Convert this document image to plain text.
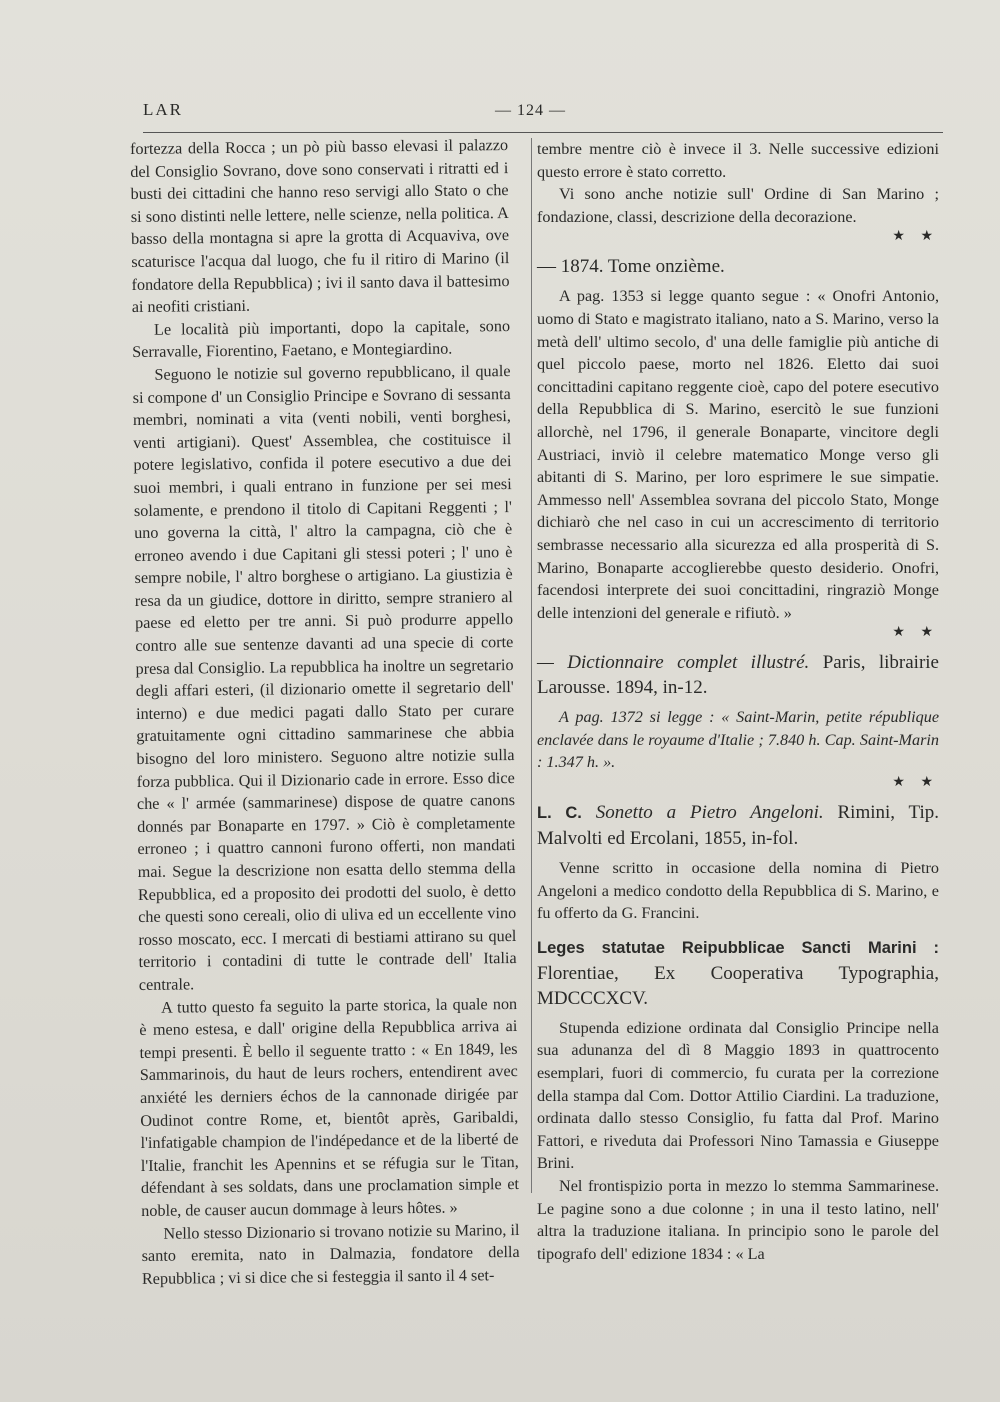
LAR	— 124 —

fortezza della Rocca ; un pò più basso elevasi il palazzo del Consiglio Sovrano, dove sono conservati i ritratti ed i busti dei cittadini che hanno reso servigi allo Stato o che si sono distinti nelle lettere, nelle scienze, nella politica. A basso della montagna si apre la grotta di Acquaviva, ove scaturisce l'acqua dal luogo, che fu il ritiro di Marino (il fondatore della Repubblica) ; ivi il santo dava il battesimo ai neofiti cristiani.

Le località più importanti, dopo la capitale, sono Serravalle, Fiorentino, Faetano, e Montegiardino.

Seguono le notizie sul governo repubblicano, il quale si compone d' un Consiglio Principe e Sovrano di sessanta membri, nominati a vita (venti nobili, venti borghesi, venti artigiani). Quest' Assemblea, che costituisce il potere legislativo, confida il potere esecutivo a due dei suoi membri, i quali entrano in funzione per sei mesi solamente, e prendono il titolo di Capitani Reggenti ; l' uno governa la città, l' altro la campagna, ciò che è erroneo avendo i due Capitani gli stessi poteri ; l' uno è sempre nobile, l' altro borghese o artigiano. La giustizia è resa da un giudice, dottore in diritto, sempre straniero al paese ed eletto per tre anni. Si può produrre appello contro alle sue sentenze davanti ad una specie di corte presa dal Consiglio. La repubblica ha inoltre un segretario degli affari esteri, (il dizionario omette il segretario dell' interno) e due medici pagati dallo Stato per curare gratuitamente ogni cittadino sammarinese che abbia bisogno del loro ministero. Seguono altre notizie sulla forza pubblica. Qui il Dizionario cade in errore. Esso dice che « l' armée (sammarinese) dispose de quatre canons donnés par Bonaparte en 1797. » Ciò è completamente erroneo ; i quattro cannoni furono offerti, non mandati mai. Segue la descrizione non esatta dello stemma della Repubblica, ed a proposito dei prodotti del suolo, è detto che questi sono cereali, olio di uliva ed un eccellente vino rosso moscato, ecc. I mercati di bestiami attirano su quel territorio i contadini di tutte le contrade dell' Italia centrale.

A tutto questo fa seguito la parte storica, la quale non è meno estesa, e dall' origine della Repubblica arriva ai tempi presenti. È bello il seguente tratto : « En 1849, les Sammarinois, du haut de leurs rochers, entendirent avec anxiété les derniers échos de la cannonade dirigée par Oudinot contre Rome, et, bientôt après, Garibaldi, l'infatigable champion de l'indépedance et de la liberté de l'Italie, franchit les Apennins et se réfugia sur le Titan, défendant à ses soldats, dans une proclamation simple et noble, de causer aucun dommage à leurs hôtes. »

Nello stesso Dizionario si trovano notizie su Marino, il santo eremita, nato in Dalmazia, fondatore della Repubblica ; vi si dice che si festeggia il santo il 4 set-

tembre mentre ciò è invece il 3. Nelle successive edizioni questo errore è stato corretto.

Vi sono anche notizie sull' Ordine di San Marino ; fondazione, classi, descrizione della decorazione.

★ ★
— 1874. Tome onzième.

A pag. 1353 si legge quanto segue : « Onofri Antonio, uomo di Stato e magistrato italiano, nato a S. Marino, verso la metà dell' ultimo secolo, d' una delle famiglie più antiche di quel piccolo paese, morto nel 1826. Eletto dai suoi concittadini capitano reggente cioè, capo del potere esecutivo della Repubblica di S. Marino, esercitò le sue funzioni allorchè, nel 1796, il generale Bonaparte, vincitore degli Austriaci, inviò il celebre matematico Monge verso gli abitanti di S. Marino, per loro esprimere le sue simpatie. Ammesso nell' Assemblea sovrana del piccolo Stato, Monge dichiarò che nel caso in cui un accrescimento di territorio sembrasse necessario alla sicurezza ed alla prosperità di S. Marino, Bonaparte accoglierebbe questo desiderio. Onofri, facendosi interprete dei suoi concittadini, ringraziò Monge delle intenzioni del generale e rifiutò. »

★ ★
— Dictionnaire complet illustré. Paris, librairie Larousse. 1894, in-12.

A pag. 1372 si legge : « Saint-Marin, petite république enclavée dans le royaume d'Italie ; 7.840 h. Cap. Saint-Marin : 1.347 h. ».

★ ★
L. C. Sonetto a Pietro Angeloni. Rimini, Tip. Malvolti ed Ercolani, 1855, in-fol.

Venne scritto in occasione della nomina di Pietro Angeloni a medico condotto della Repubblica di S. Marino, e fu offerto da G. Francini.

Leges statutae Reipubblicae Sancti Marini : Florentiae, Ex Cooperativa Typographia, MDCCCXCV.

Stupenda edizione ordinata dal Consiglio Principe nella sua adunanza del dì 8 Maggio 1893 in quattrocento esemplari, fuori di commercio, fu curata per la correzione della stampa dal Com. Dottor Attilio Ciardini. La traduzione, ordinata dallo stesso Consiglio, fu fatta dal Prof. Marino Fattori, e riveduta dai Professori Nino Tamassia e Giuseppe Brini.

Nel frontispizio porta in mezzo lo stemma Sammarinese. Le pagine sono a due colonne ; in una il testo latino, nell' altra la traduzione italiana. In principio sono le parole del tipografo dell' edizione 1834 : « La
